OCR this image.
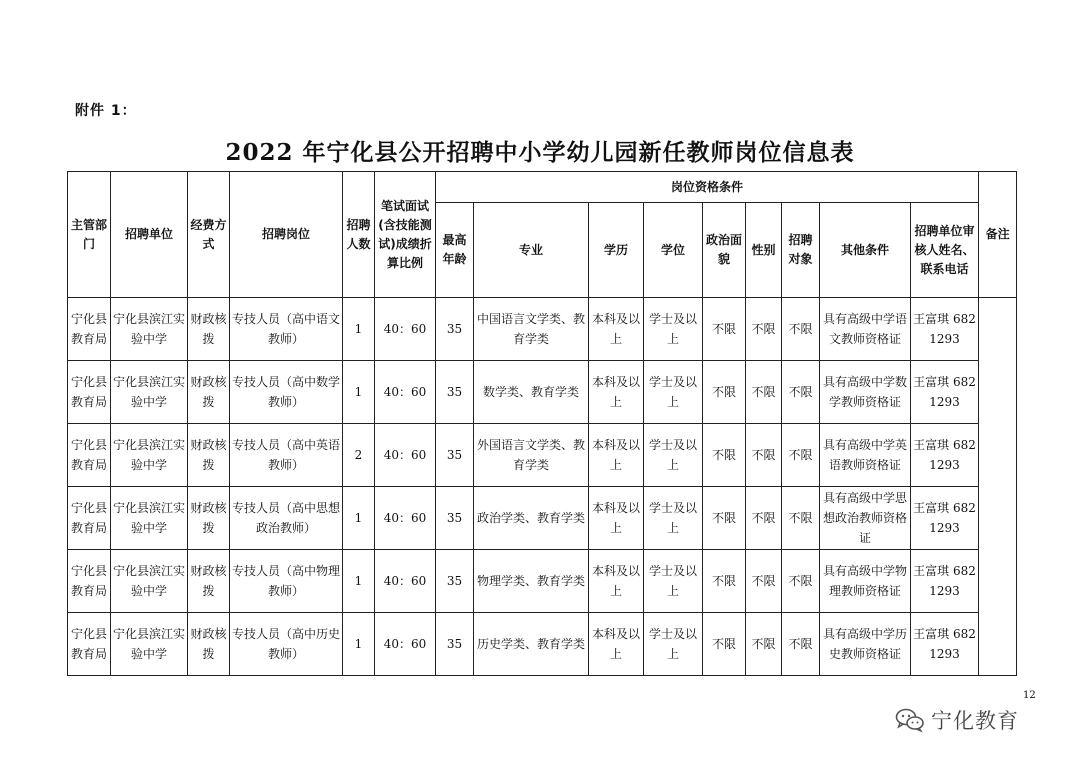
附件 1：
2022 年宁化县公开招聘中小学幼儿园新任教师岗位信息表
主管部门	招聘单位	经费方式	招聘岗位	招聘人数	笔试面试(含技能测试)成绩折算比例	岗位资格条件									备注
						最高年龄	专业	学历	学位	政治面貌	性别	招聘对象	其他条件	招聘单位审核人姓名、联系电话	
宁化县教育局	宁化县滨江实验中学	财政核拨	专技人员（高中语文教师）	1	40：60	35	中国语言文学类、教育学类	本科及以上	学士及以上	不限	不限	不限	具有高级中学语文教师资格证	王富琪 6821293	
宁化县教育局	宁化县滨江实验中学	财政核拨	专技人员（高中数学教师）	1	40：60	35	数学类、教育学类	本科及以上	学士及以上	不限	不限	不限	具有高级中学数学教师资格证	王富琪 6821293	
宁化县教育局	宁化县滨江实验中学	财政核拨	专技人员（高中英语教师）	2	40：60	35	外国语言文学类、教育学类	本科及以上	学士及以上	不限	不限	不限	具有高级中学英语教师资格证	王富琪 6821293	
宁化县教育局	宁化县滨江实验中学	财政核拨	专技人员（高中思想政治教师）	1	40：60	35	政治学类、教育学类	本科及以上	学士及以上	不限	不限	不限	具有高级中学思想政治教师资格证	王富琪 6821293	
宁化县教育局	宁化县滨江实验中学	财政核拨	专技人员（高中物理教师）	1	40：60	35	物理学类、教育学类	本科及以上	学士及以上	不限	不限	不限	具有高级中学物理教师资格证	王富琪 6821293	
宁化县教育局	宁化县滨江实验中学	财政核拨	专技人员（高中历史教师）	1	40：60	35	历史学类、教育学类	本科及以上	学士及以上	不限	不限	不限	具有高级中学历史教师资格证	王富琪 6821293	
12
宁化教育
